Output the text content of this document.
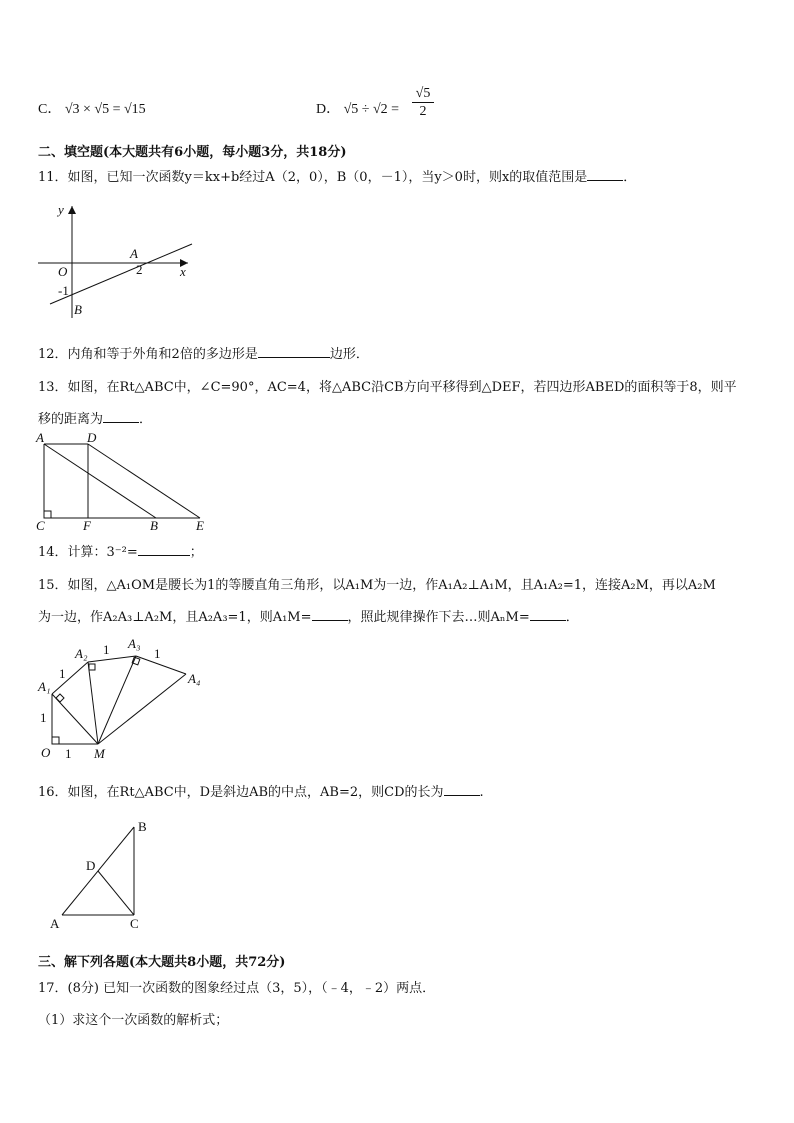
C． √3 × √5 = √15	D． $√5 \div √2 = \frac{√5}{2}$
二、填空题(本大题共有6小题，每小题3分，共18分)
11．如图，已知一次函数y＝kx+b经过A（2，0），B（0，－1），当y＞0时，则x的取值范围是	．
y
x
O
A
2
-1
B
12．内角和等于外角和2倍的多边形是	边形．
13．如图，在Rt△ABC中，∠C=90°，AC=4，将△ABC沿CB方向平移得到△DEF，若四边形ABED的面积等于8，则平
移的距离为	．
A	D
C	F	B	E
14．计算：3⁻²=	；
15．如图，△A₁OM是腰长为1的等腰直角三角形，以A₁M为一边，作A₁A₂⊥A₁M，且A₁A₂=1，连接A₂M，再以A₂M
为一边，作A₂A₃⊥A₂M，且A₂A₃=1，则A₁M=	，照此规律操作下去…则AₙM=	．
A₁
A₂
A₃
A₄
O	M
1
1
1
1	1
16．如图，在Rt△ABC中，D是斜边AB的中点，AB=2，则CD的长为	.
B
D
A	C
三、解下列各题(本大题共8小题，共72分)
17．(8分) 已知一次函数的图象经过点（3，5），（﹣4，﹣2）两点．
（1）求这个一次函数的解析式；
